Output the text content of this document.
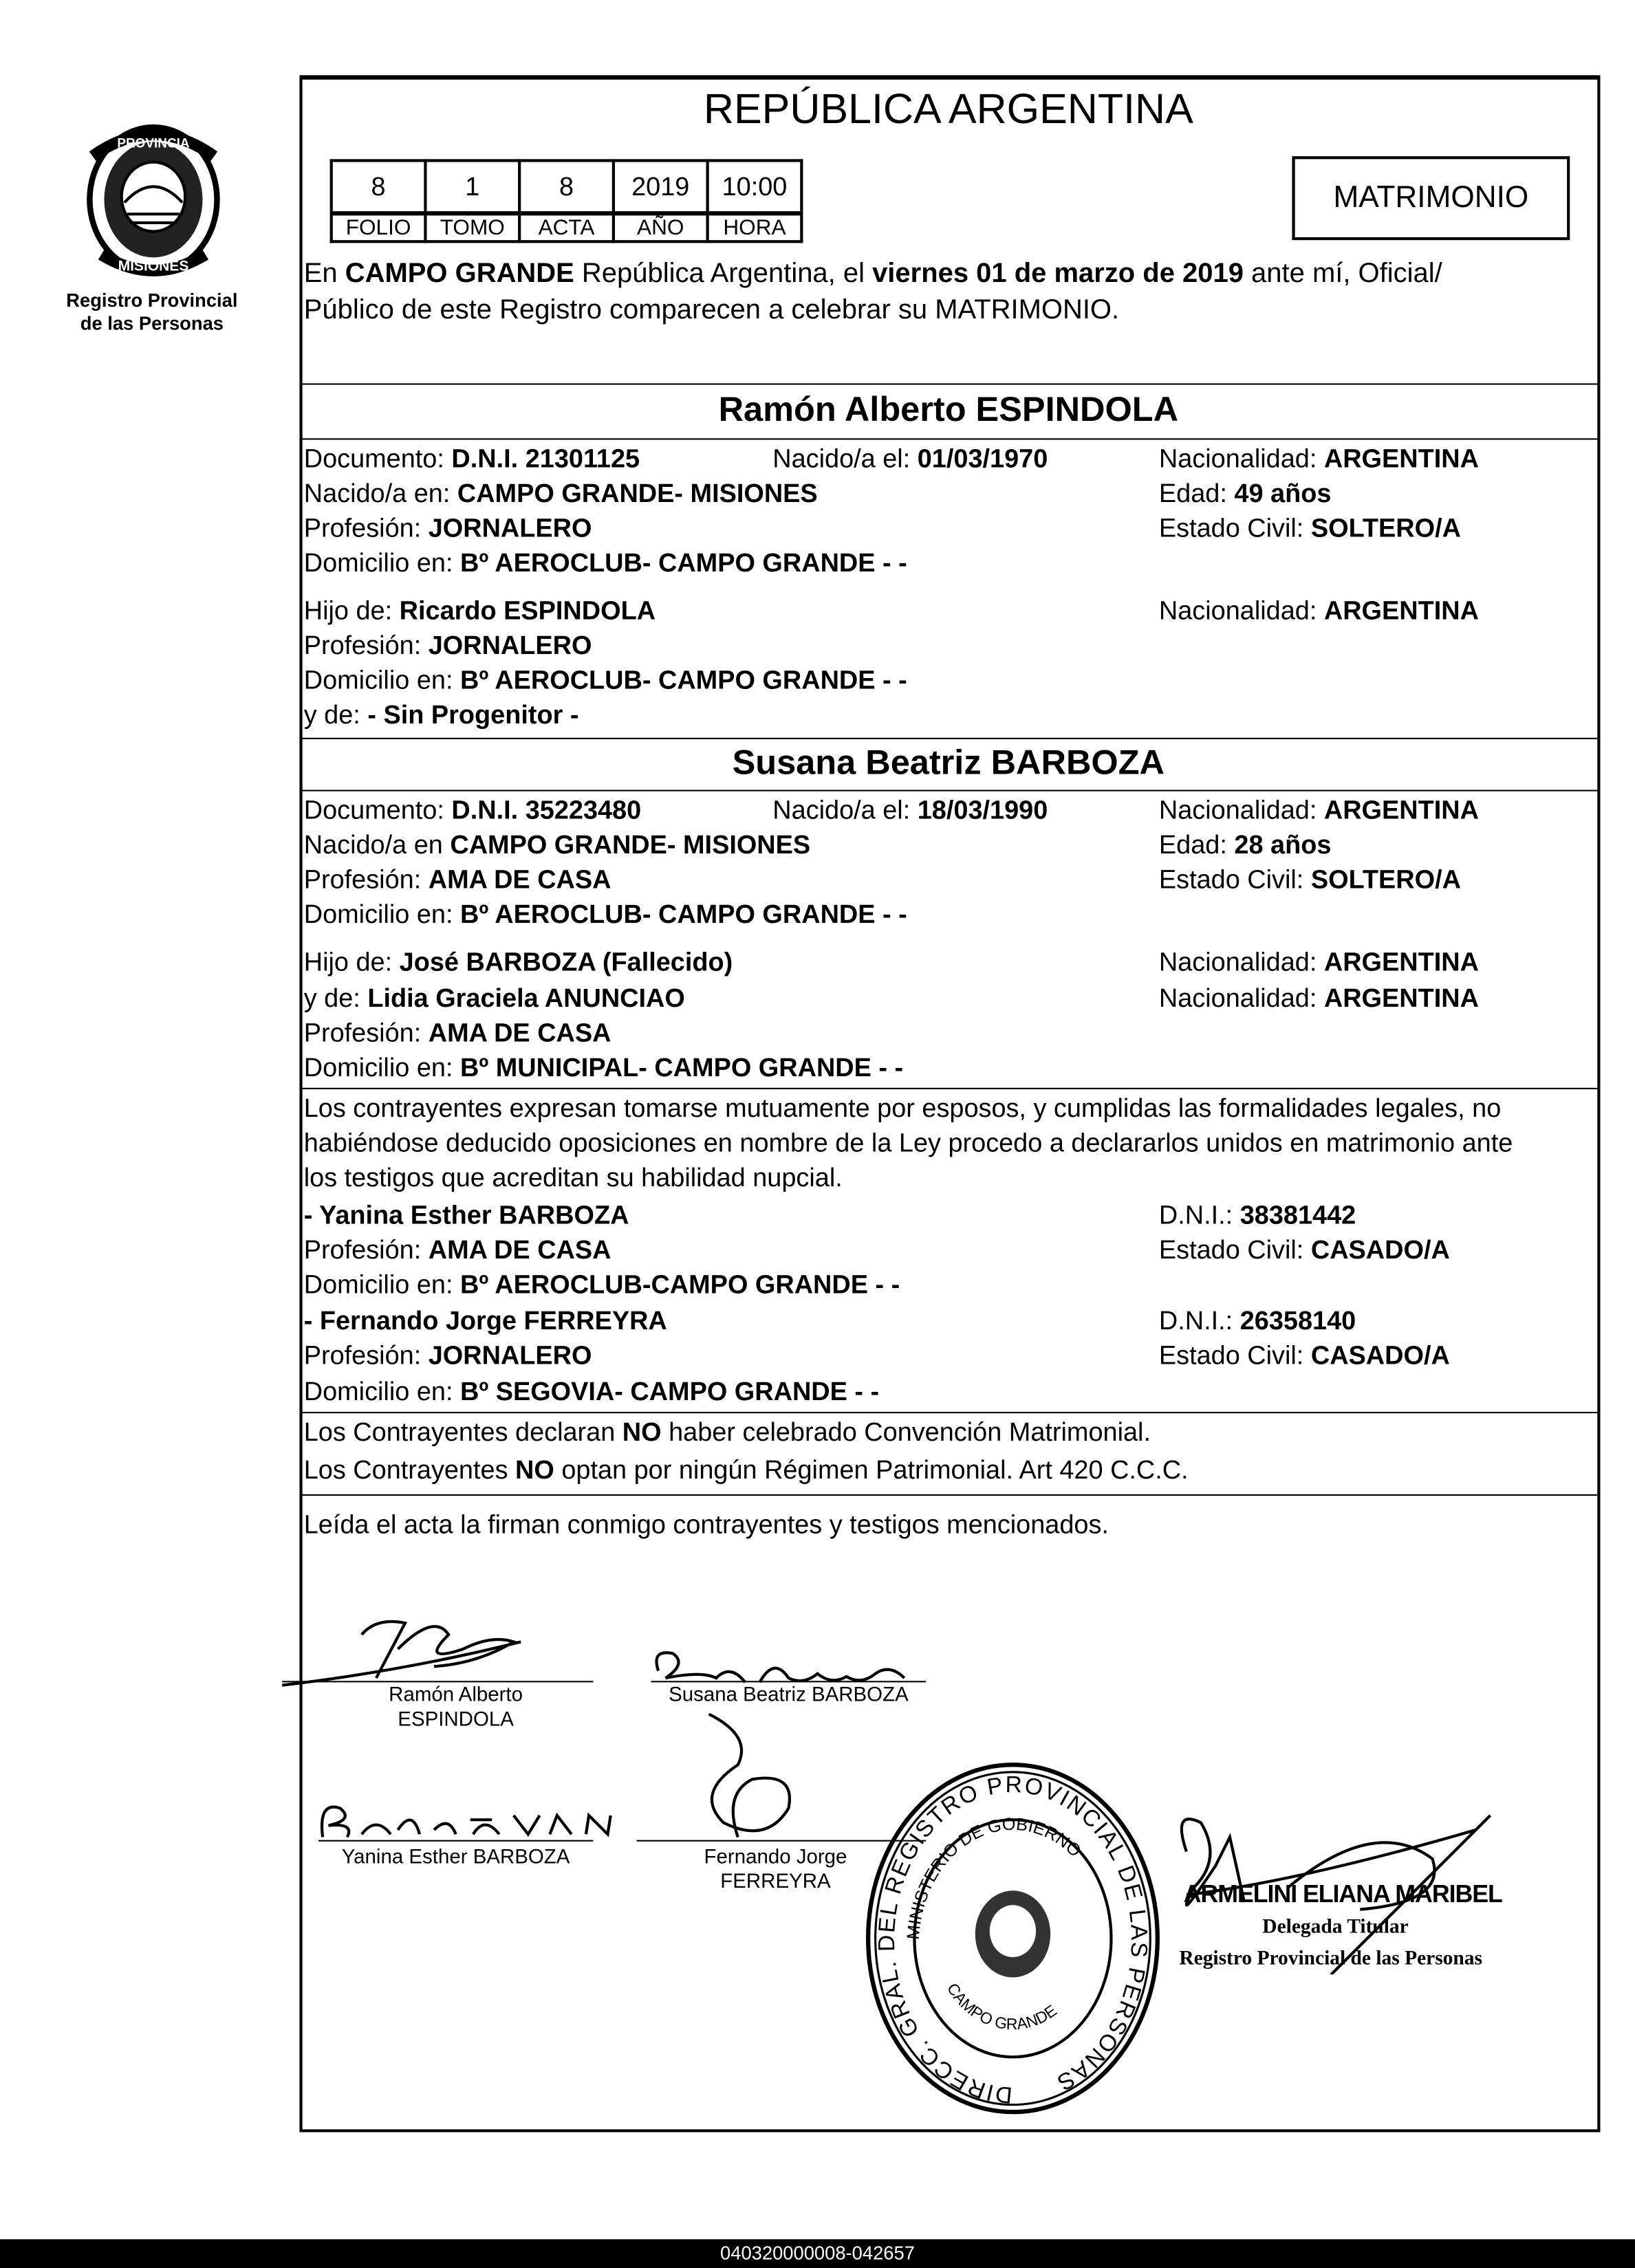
PROVINCIA
MISIONES
Registro Provincial
de las Personas
REPÚBLICA ARGENTINA
8	1	8	2019	10:00
FOLIO	TOMO	ACTA	AÑO	HORA
MATRIMONIO
En CAMPO GRANDE República Argentina, el viernes 01 de marzo de 2019 ante mí, Oficial/
Público de este Registro comparecen a celebrar su MATRIMONIO.
Ramón Alberto ESPINDOLA
Documento: D.N.I. 21301125	Nacido/a el: 01/03/1970	Nacionalidad: ARGENTINA
Nacido/a en: CAMPO GRANDE- MISIONES	Edad: 49 años
Profesión: JORNALERO	Estado Civil: SOLTERO/A
Domicilio en: Bº AEROCLUB- CAMPO GRANDE - -
Hijo de: Ricardo ESPINDOLA	Nacionalidad: ARGENTINA
Profesión: JORNALERO
Domicilio en: Bº AEROCLUB- CAMPO GRANDE - -
y de: - Sin Progenitor -
Susana Beatriz BARBOZA
Documento: D.N.I. 35223480	Nacido/a el: 18/03/1990	Nacionalidad: ARGENTINA
Nacido/a en CAMPO GRANDE- MISIONES	Edad: 28 años
Profesión: AMA DE CASA	Estado Civil: SOLTERO/A
Domicilio en: Bº AEROCLUB- CAMPO GRANDE - -
Hijo de: José BARBOZA (Fallecido)	Nacionalidad: ARGENTINA
y de: Lidia Graciela ANUNCIAO	Nacionalidad: ARGENTINA
Profesión: AMA DE CASA
Domicilio en: Bº MUNICIPAL- CAMPO GRANDE - -
Los contrayentes expresan tomarse mutuamente por esposos, y cumplidas las formalidades legales, no
habiéndose deducido oposiciones en nombre de la Ley procedo a declararlos unidos en matrimonio ante
los testigos que acreditan su habilidad nupcial.
- Yanina Esther BARBOZA	D.N.I.: 38381442
Profesión: AMA DE CASA	Estado Civil: CASADO/A
Domicilio en: Bº AEROCLUB-CAMPO GRANDE - -
- Fernando Jorge FERREYRA	D.N.I.: 26358140
Profesión: JORNALERO	Estado Civil: CASADO/A
Domicilio en: Bº SEGOVIA- CAMPO GRANDE - -
Los Contrayentes declaran NO haber celebrado Convención Matrimonial.
Los Contrayentes NO optan por ningún Régimen Patrimonial. Art 420 C.C.C.
Leída el acta la firman conmigo contrayentes y testigos mencionados.
Ramón Alberto
ESPINDOLA
Susana Beatriz BARBOZA
Yanina Esther BARBOZA	Fernando Jorge
FERREYRA
DIRECC. GRAL. DEL REGISTRO PROVINCIAL DE LAS PERSONAS
MINISTERIO DE GOBIERNO
CAMPO GRANDE
ARMELINI ELIANA MARIBEL
Delegada Titular
Registro Provincial de las Personas
040320000008-042657
